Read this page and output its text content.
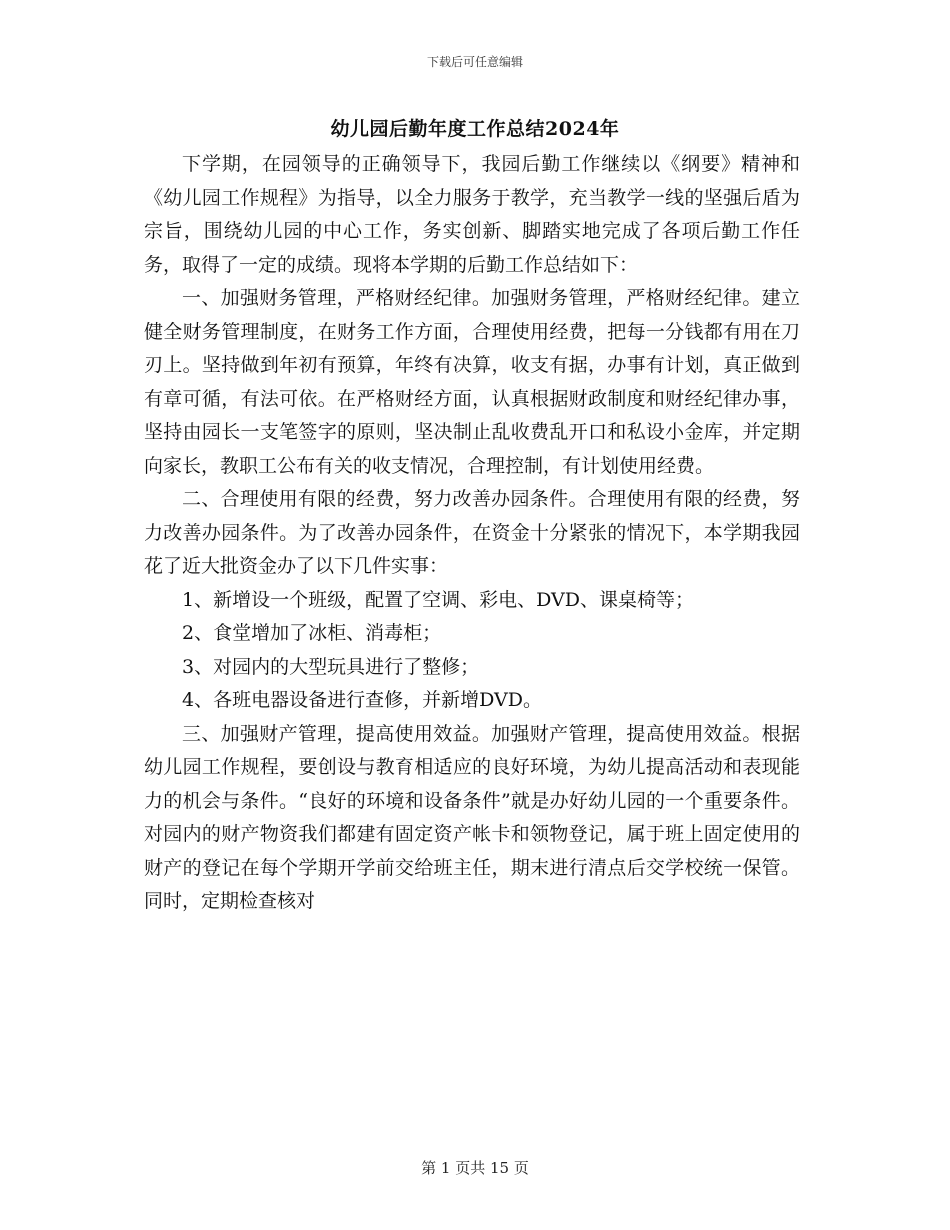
下载后可任意编辑
幼儿园后勤年度工作总结2024年

下学期，在园领导的正确领导下，我园后勤工作继续以《纲要》精神和《幼儿园工作规程》为指导，以全力服务于教学，充当教学一线的坚强后盾为宗旨，围绕幼儿园的中心工作，务实创新、脚踏实地完成了各项后勤工作任务，取得了一定的成绩。现将本学期的后勤工作总结如下：

一、加强财务管理，严格财经纪律。加强财务管理，严格财经纪律。建立健全财务管理制度，在财务工作方面，合理使用经费，把每一分钱都有用在刀刃上。坚持做到年初有预算，年终有决算，收支有据，办事有计划，真正做到有章可循，有法可依。在严格财经方面，认真根据财政制度和财经纪律办事，坚持由园长一支笔签字的原则，坚决制止乱收费乱开口和私设小金库，并定期向家长，教职工公布有关的收支情况，合理控制，有计划使用经费。

二、合理使用有限的经费，努力改善办园条件。合理使用有限的经费，努力改善办园条件。为了改善办园条件，在资金十分紧张的情况下，本学期我园花了近大批资金办了以下几件实事：

1、新增设一个班级，配置了空调、彩电、DVD、课桌椅等；

2、食堂增加了冰柜、消毒柜；

3、对园内的大型玩具进行了整修；

4、各班电器设备进行查修，并新增DVD。

三、加强财产管理，提高使用效益。加强财产管理，提高使用效益。根据幼儿园工作规程，要创设与教育相适应的良好环境，为幼儿提高活动和表现能力的机会与条件。“良好的环境和设备条件”就是办好幼儿园的一个重要条件。对园内的财产物资我们都建有固定资产帐卡和领物登记，属于班上固定使用的财产的登记在每个学期开学前交给班主任，期末进行清点后交学校统一保管。同时，定期检查核对

第 1 页共 15 页
